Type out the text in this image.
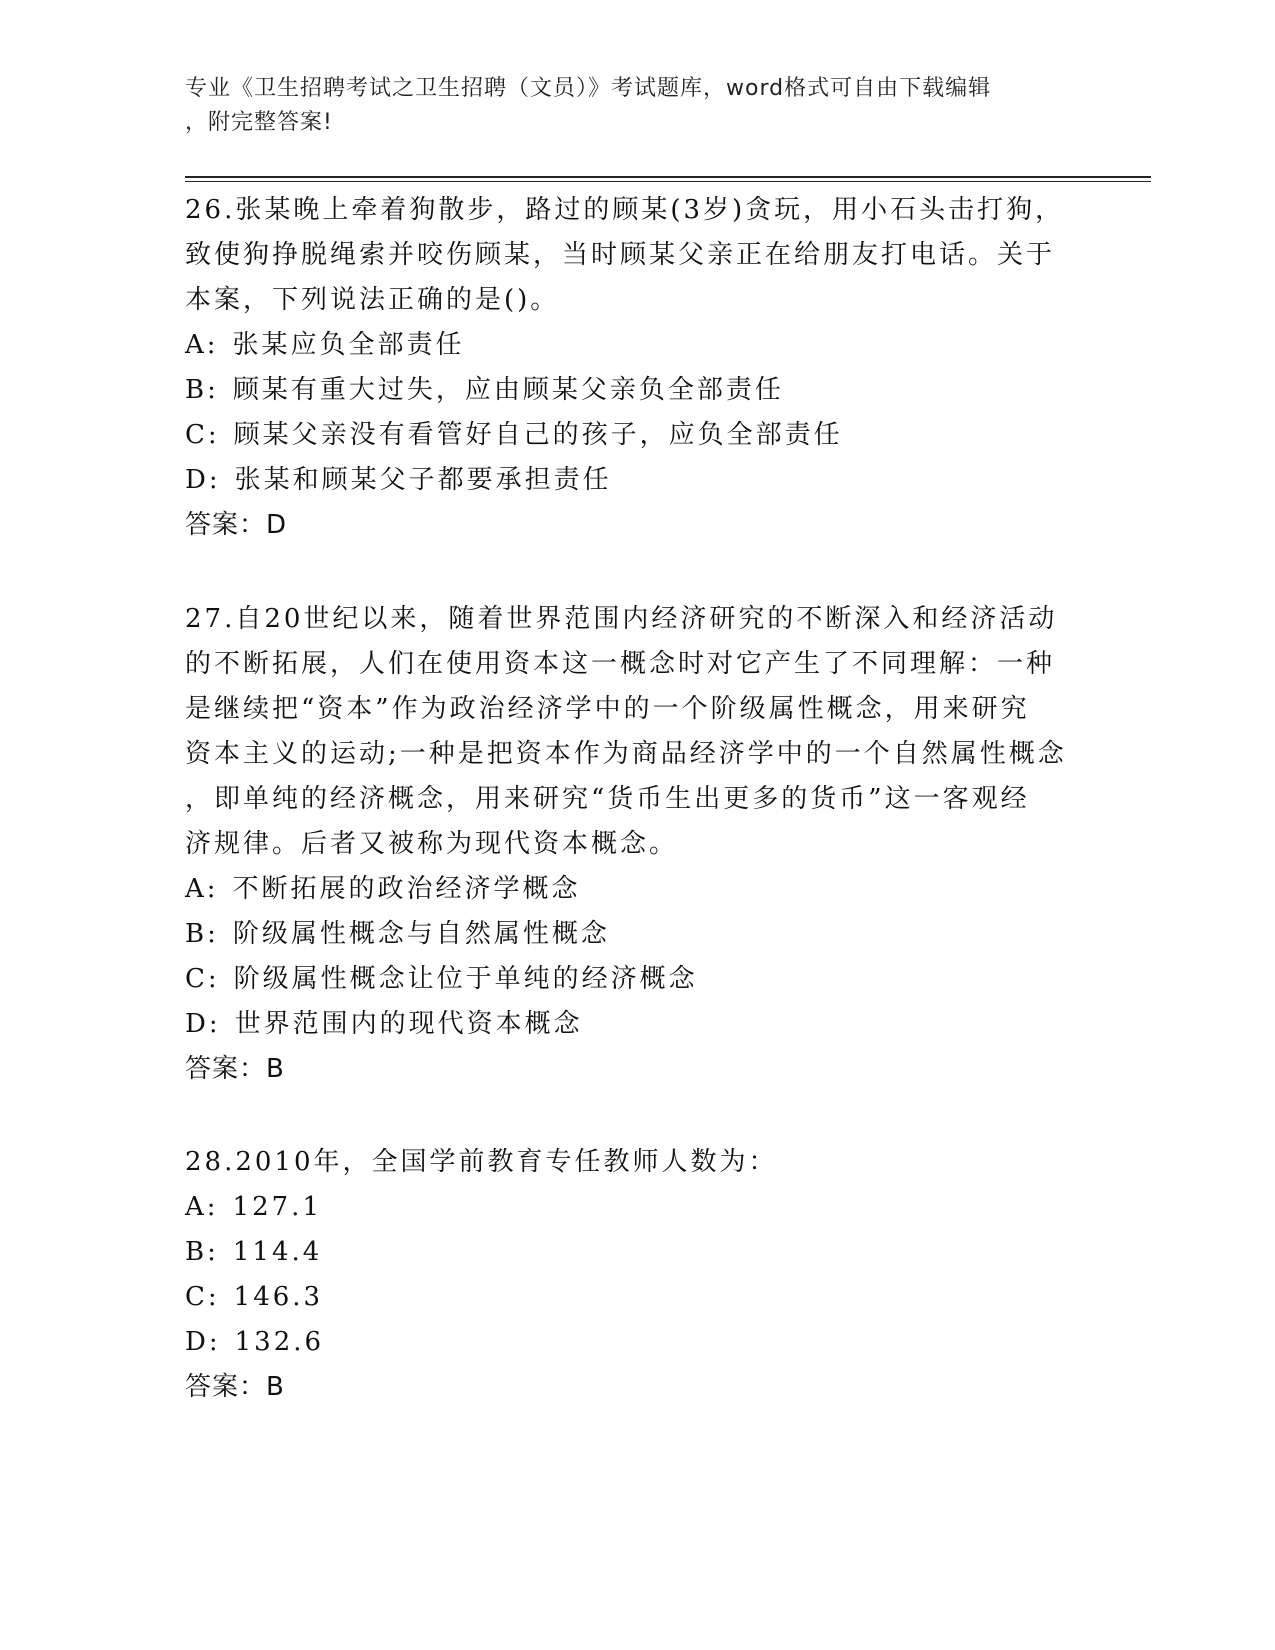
专业《卫生招聘考试之卫生招聘（文员）》考试题库，word格式可自由下载编辑
，附完整答案!
26.张某晚上牵着狗散步，路过的顾某(3岁)贪玩，用小石头击打狗，
致使狗挣脱绳索并咬伤顾某，当时顾某父亲正在给朋友打电话。关于
本案，下列说法正确的是()。
A: 张某应负全部责任
B: 顾某有重大过失，应由顾某父亲负全部责任
C: 顾某父亲没有看管好自己的孩子，应负全部责任
D: 张某和顾某父子都要承担责任
答案：D
27.自20世纪以来，随着世界范围内经济研究的不断深入和经济活动
的不断拓展，人们在使用资本这一概念时对它产生了不同理解：一种
是继续把“资本”作为政治经济学中的一个阶级属性概念，用来研究
资本主义的运动;一种是把资本作为商品经济学中的一个自然属性概念
，即单纯的经济概念，用来研究“货币生出更多的货币”这一客观经
济规律。后者又被称为现代资本概念。
A: 不断拓展的政治经济学概念
B: 阶级属性概念与自然属性概念
C: 阶级属性概念让位于单纯的经济概念
D: 世界范围内的现代资本概念
答案：B
28.2010年，全国学前教育专任教师人数为：
A: 127.1
B: 114.4
C: 146.3
D: 132.6
答案：B
